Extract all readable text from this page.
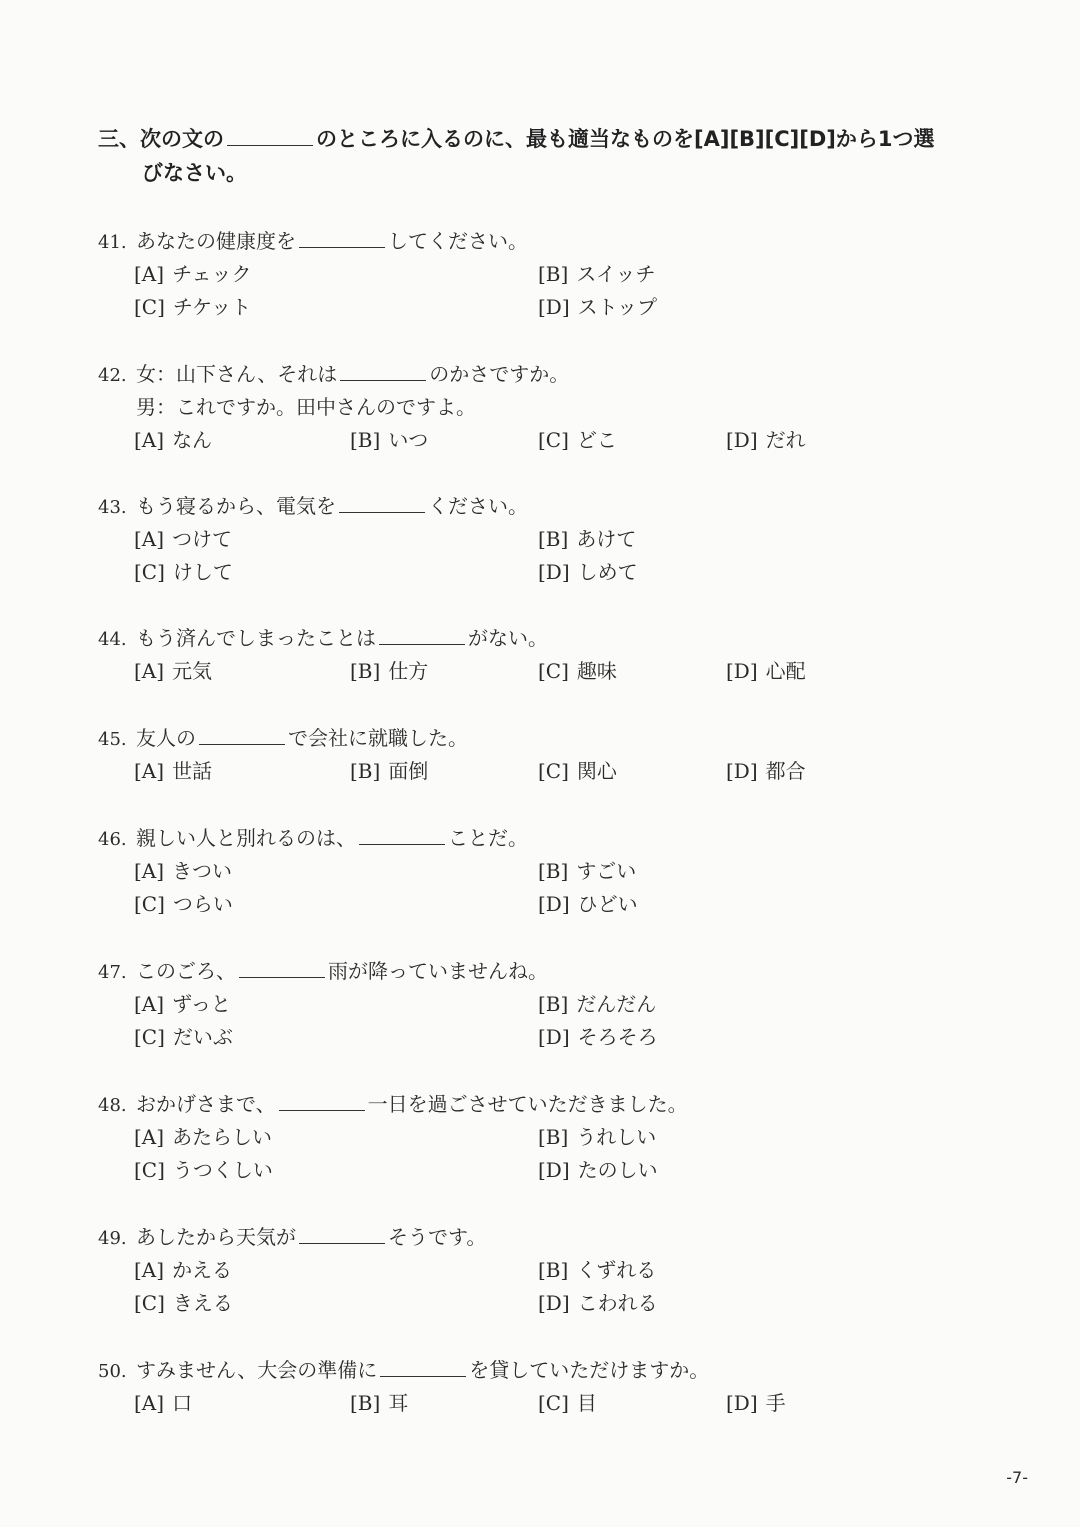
三、次の文の	のところに入るのに、最も適当なものを[A][B][C][D]から1つ選
びなさい。
41. あなたの健康度を	してください。
[A] チェック	[B] スイッチ
[C] チケット	[D] ストップ
42. 女：山下さん、それは	のかさですか。
男：これですか。田中さんのですよ。
[A] なん	[B] いつ	[C] どこ	[D] だれ
43. もう寝るから、電気を	ください。
[A] つけて	[B] あけて
[C] けして	[D] しめて
44. もう済んでしまったことは	がない。
[A] 元気	[B] 仕方	[C] 趣味	[D] 心配
45. 友人の	で会社に就職した。
[A] 世話	[B] 面倒	[C] 関心	[D] 都合
46. 親しい人と別れるのは、	ことだ。
[A] きつい	[B] すごい
[C] つらい	[D] ひどい
47. このごろ、	雨が降っていませんね。
[A] ずっと	[B] だんだん
[C] だいぶ	[D] そろそろ
48. おかげさまで、	一日を過ごさせていただきました。
[A] あたらしい	[B] うれしい
[C] うつくしい	[D] たのしい
49. あしたから天気が	そうです。
[A] かえる	[B] くずれる
[C] きえる	[D] こわれる
50. すみません、大会の準備に	を貸していただけますか。
[A] 口	[B] 耳	[C] 目	[D] 手
-7-
